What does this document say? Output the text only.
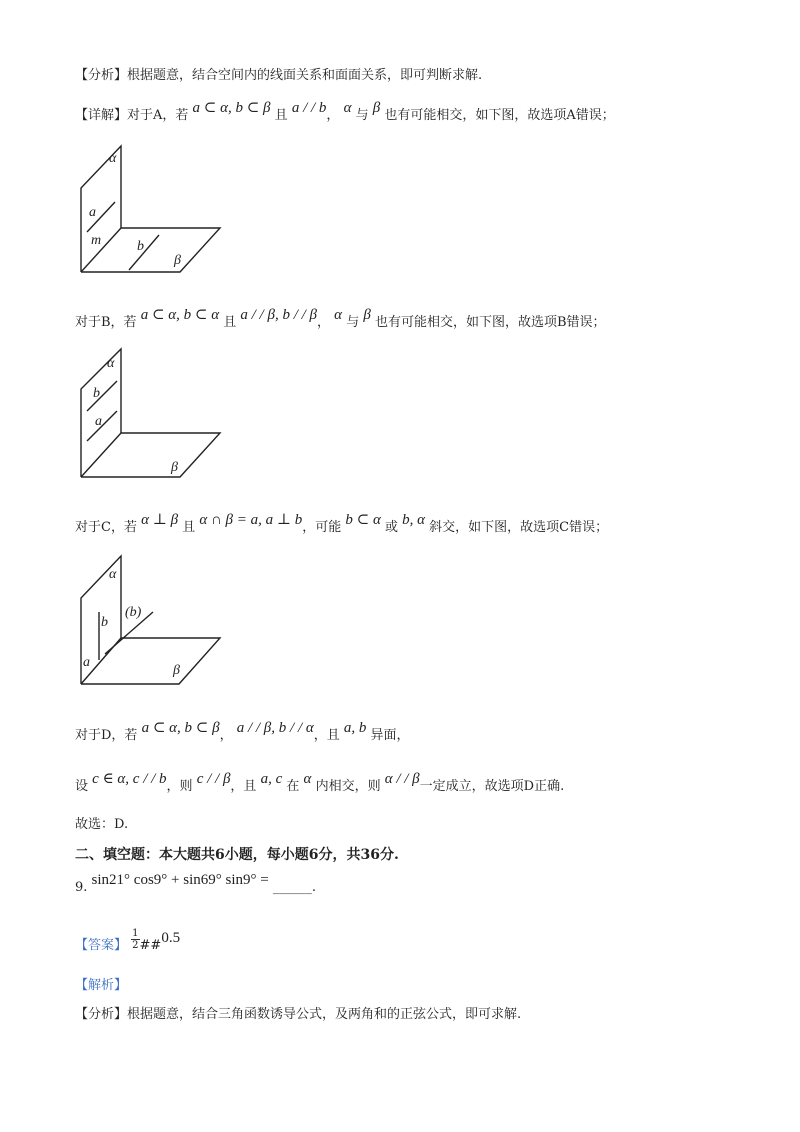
【分析】根据题意，结合空间内的线面关系和面面关系，即可判断求解.
【详解】对于A，若 a ⊂ α, b ⊂ β 且 a / / b， α 与 β 也有可能相交，如下图，故选项A错误；
α
a
m	b
β
对于B，若 a ⊂ α, b ⊂ α 且 a / / β, b / / β， α 与 β 也有可能相交，如下图，故选项B错误；
α
b
a
β
对于C，若 α ⊥ β 且 α ∩ β = a, a ⊥ b，可能 b ⊂ α 或 b, α 斜交，如下图，故选项C错误；
α
b
(b)
a
β
对于D，若 a ⊂ α, b ⊂ β， a / / β, b / / α，且 a, b 异面，
设 c ∈ α, c / / b，则 c / / β，且 a, c 在 α 内相交，则 α / / β一定成立，故选项D正确.
故选：D.
二、填空题：本大题共6小题，每小题6分，共36分.
9. sin21° cos9° + sin69° sin9° = ______.
【答案】 $\frac{1}{2}$ ##0.5
【解析】
【分析】根据题意，结合三角函数诱导公式，及两角和的正弦公式，即可求解.
